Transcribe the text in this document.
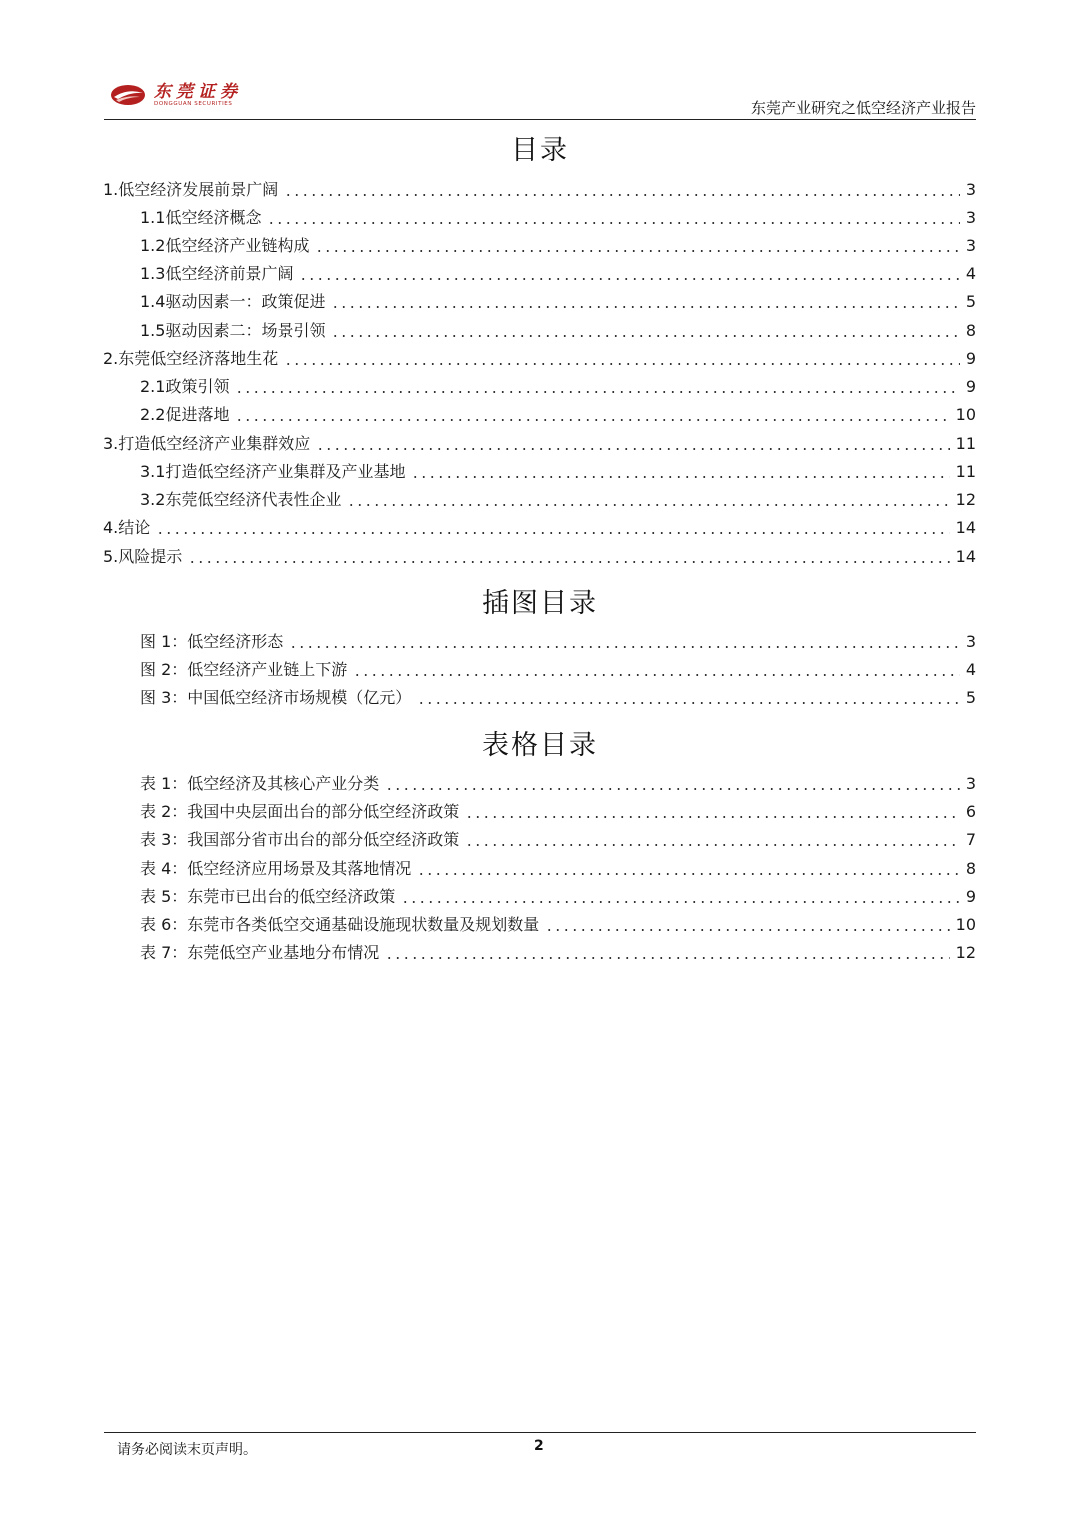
东莞证券
DONGGUAN SECURITIES	东莞产业研究之低空经济产业报告
目录
1. 低空经济发展前景广阔	3
1.1 低空经济概念	3
1.2 低空经济产业链构成	3
1.3 低空经济前景广阔	4
1.4 驱动因素一：政策促进	5
1.5 驱动因素二：场景引领	8
2. 东莞低空经济落地生花	9
2.1 政策引领	9
2.2 促进落地	10
3. 打造低空经济产业集群效应	11
3.1 打造低空经济产业集群及产业基地	11
3.2 东莞低空经济代表性企业	12
4. 结论	14
5. 风险提示	14
插图目录
图 1：低空经济形态	3
图 2：低空经济产业链上下游	4
图 3：中国低空经济市场规模（亿元）	5
表格目录
表 1：低空经济及其核心产业分类	3
表 2：我国中央层面出台的部分低空经济政策	6
表 3：我国部分省市出台的部分低空经济政策	7
表 4：低空经济应用场景及其落地情况	8
表 5：东莞市已出台的低空经济政策	9
表 6：东莞市各类低空交通基础设施现状数量及规划数量	10
表 7：东莞低空产业基地分布情况	12
请务必阅读末页声明。	2
